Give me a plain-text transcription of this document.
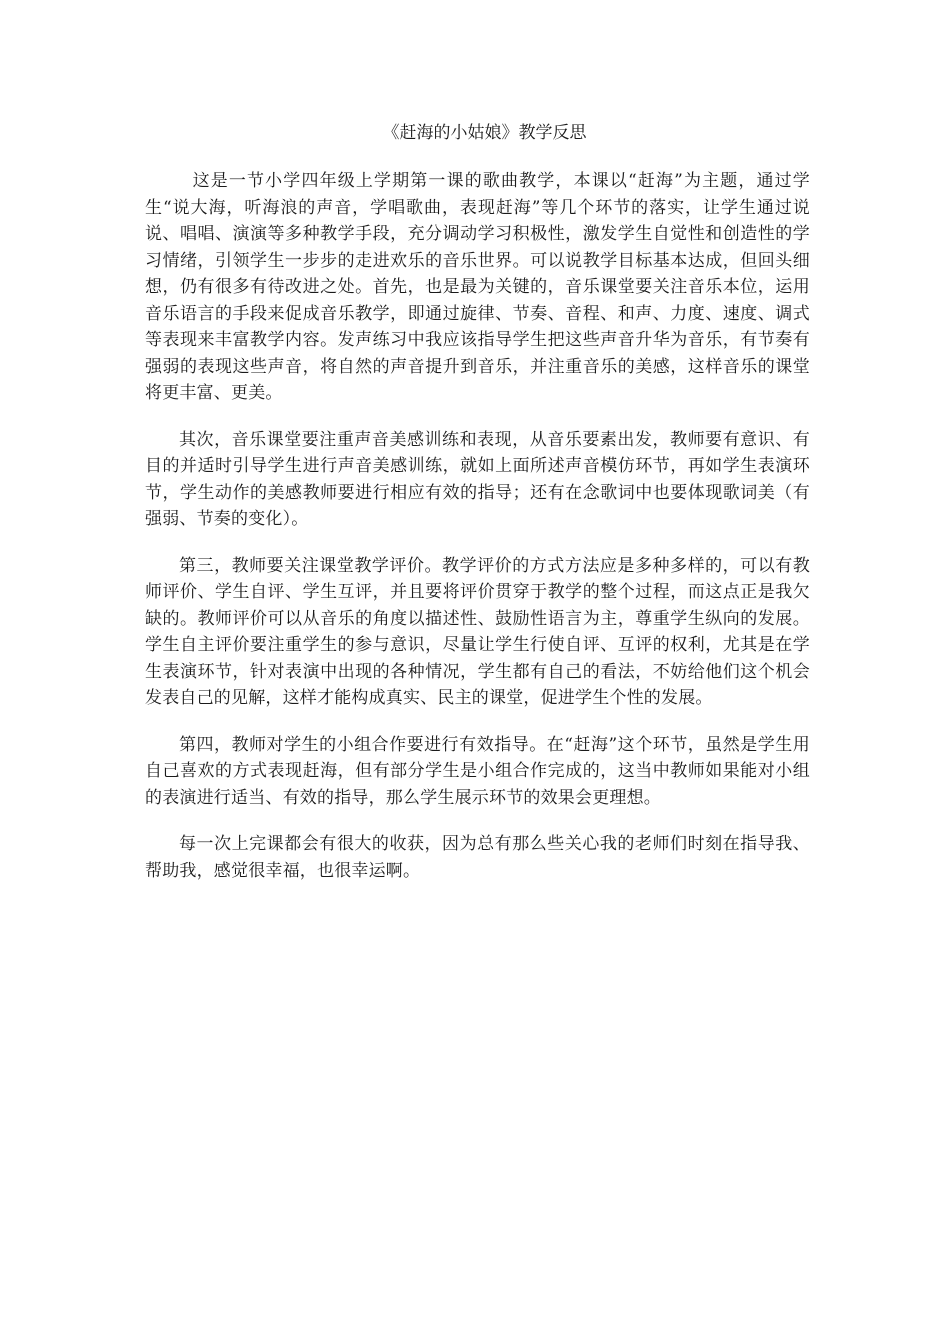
《赶海的小姑娘》教学反思

这是一节小学四年级上学期第一课的歌曲教学，本课以“赶海”为主题，通过学生“说大海，听海浪的声音，学唱歌曲，表现赶海”等几个环节的落实，让学生通过说说、唱唱、演演等多种教学手段，充分调动学习积极性，激发学生自觉性和创造性的学习情绪，引领学生一步步的走进欢乐的音乐世界。可以说教学目标基本达成，但回头细想，仍有很多有待改进之处。首先，也是最为关键的，音乐课堂要关注音乐本位，运用音乐语言的手段来促成音乐教学，即通过旋律、节奏、音程、和声、力度、速度、调式等表现来丰富教学内容。发声练习中我应该指导学生把这些声音升华为音乐，有节奏有强弱的表现这些声音，将自然的声音提升到音乐，并注重音乐的美感，这样音乐的课堂将更丰富、更美。

其次，音乐课堂要注重声音美感训练和表现，从音乐要素出发，教师要有意识、有目的并适时引导学生进行声音美感训练，就如上面所述声音模仿环节，再如学生表演环节，学生动作的美感教师要进行相应有效的指导；还有在念歌词中也要体现歌词美（有强弱、节奏的变化）。

第三，教师要关注课堂教学评价。教学评价的方式方法应是多种多样的，可以有教师评价、学生自评、学生互评，并且要将评价贯穿于教学的整个过程，而这点正是我欠缺的。教师评价可以从音乐的角度以描述性、鼓励性语言为主，尊重学生纵向的发展。学生自主评价要注重学生的参与意识，尽量让学生行使自评、互评的权利，尤其是在学生表演环节，针对表演中出现的各种情况，学生都有自己的看法，不妨给他们这个机会发表自己的见解，这样才能构成真实、民主的课堂，促进学生个性的发展。

第四，教师对学生的小组合作要进行有效指导。在“赶海”这个环节，虽然是学生用自己喜欢的方式表现赶海，但有部分学生是小组合作完成的，这当中教师如果能对小组的表演进行适当、有效的指导，那么学生展示环节的效果会更理想。

每一次上完课都会有很大的收获，因为总有那么些关心我的老师们时刻在指导我、帮助我，感觉很幸福，也很幸运啊。
